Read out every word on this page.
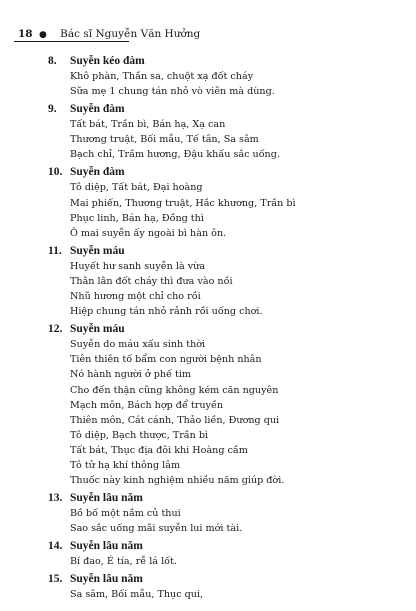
18 ● Bác sĩ Nguyễn Văn Hưởng
8.	Suyễn kéo đàm
Khô phàn, Thần sa, chuột xạ đốt cháy
Sữa mẹ 1 chung tán nhỏ vò viên mà dùng.
9.	Suyễn đàm
Tất bát, Trần bì, Bán hạ, Xạ can
Thương truật, Bối mẫu, Tế tân, Sa sâm
Bạch chỉ, Trầm hương, Đậu khấu sắc uống.
10. Suyễn đàm
Tô diệp, Tất bát, Đại hoàng
Mai phiến, Thương truật, Hắc khương, Trần bì
Phục linh, Bán hạ, Đồng thì
Ô mai suyễn ấy ngoài bì hàn ôn.
11. Suyễn máu
Huyết hư sanh suyễn là vừa
Thằn lằn đốt cháy thì đưa vào nồi
Nhũ hương một chỉ cho rồi
Hiệp chung tán nhỏ rảnh rồi uống chơi.
12. Suyễn máu
Suyễn do máu xấu sinh thời
Tiên thiên tố bẩm con người bệnh nhân
Nó hành người ở phế tim
Cho đến thận cũng không kém căn nguyên
Mạch môn, Bách hợp để truyền
Thiên môn, Cát cánh, Thảo liền, Đương qui
Tô diệp, Bạch thược, Trần bì
Tất bát, Thục địa đôi khi Hoàng cầm
Tô tử hạ khí thông lâm
Thuốc này kinh nghiệm nhiều năm giúp đời.
13. Suyễn lâu năm
Bồ bố một nắm củ thui
Sao sắc uống mãi suyễn lui mới tài.
14. Suyễn lâu năm
Bí đao, É tía, rễ lá lốt.
15. Suyễn lâu năm
Sa sâm, Bối mẫu, Thục qui,
